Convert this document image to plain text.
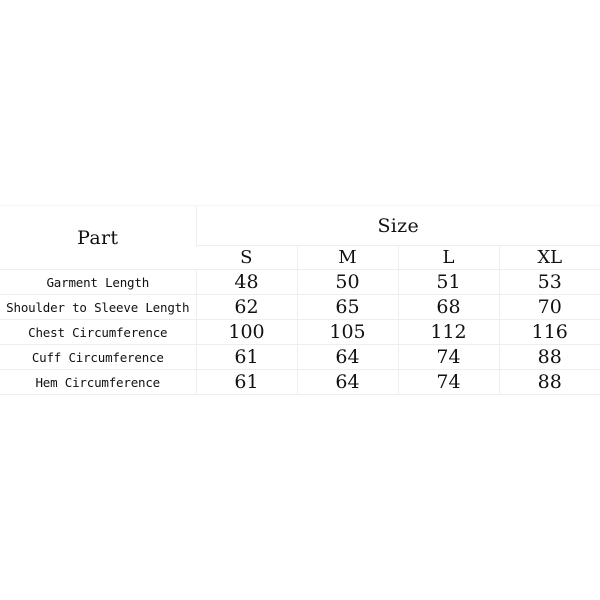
Part	Size			
	S	M	L	XL
Garment Length	48	50	51	53
Shoulder to Sleeve Length	62	65	68	70
Chest Circumference	100	105	112	116
Cuff Circumference	61	64	74	88
Hem Circumference	61	64	74	88
